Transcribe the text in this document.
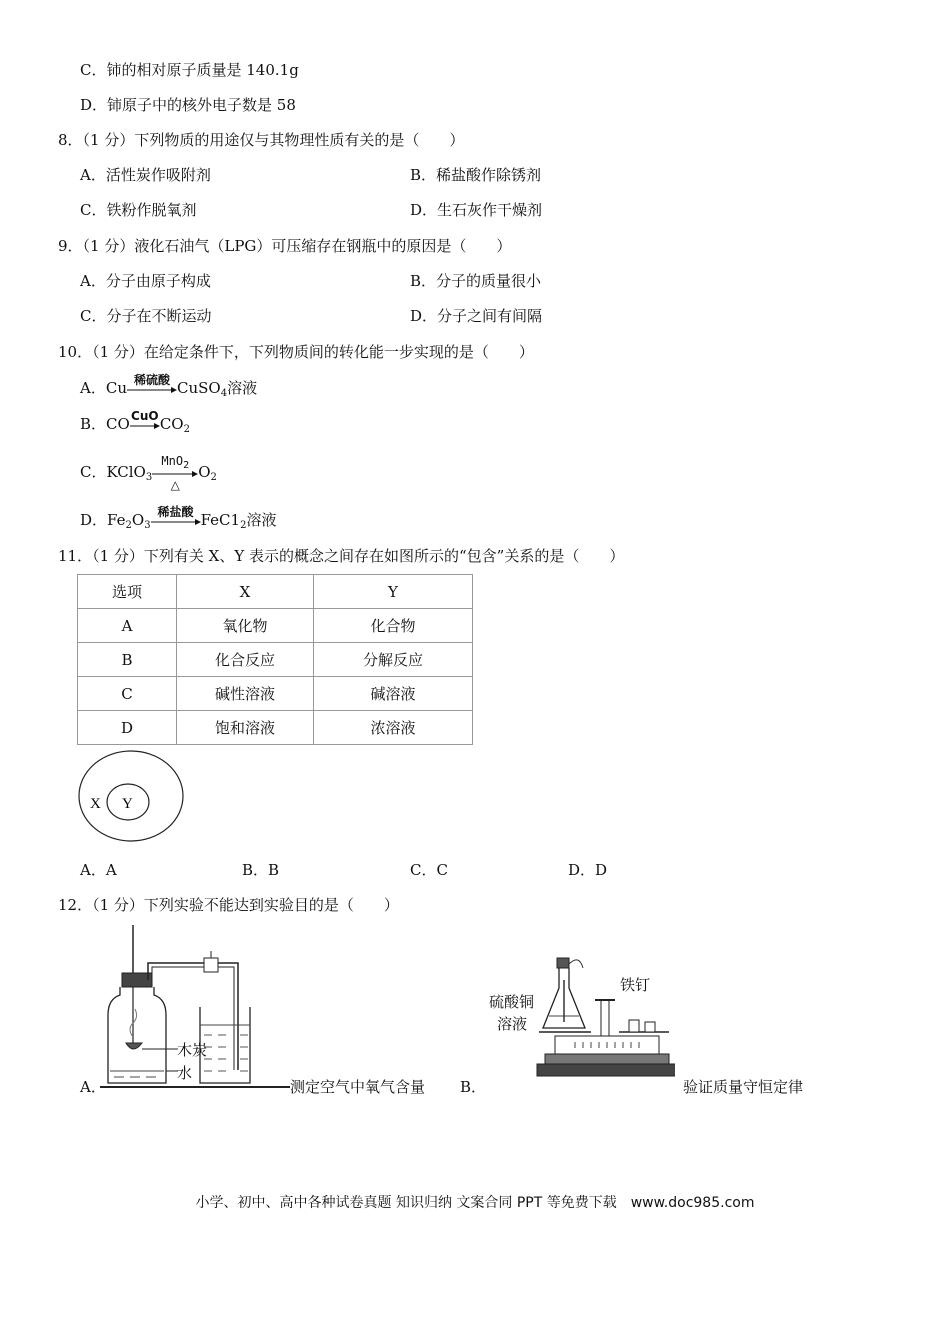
C．铈的相对原子质量是 140.1g
D．铈原子中的核外电子数是 58
8．（1 分）下列物质的用途仅与其物理性质有关的是（　　）
A．活性炭作吸附剂	B．稀盐酸作除锈剂
C．铁粉作脱氧剂	D．生石灰作干燥剂
9．（1 分）液化石油气（LPG）可压缩存在钢瓶中的原因是（　　）
A．分子由原子构成	B．分子的质量很小
C．分子在不断运动	D．分子之间有间隔
10．（1 分）在给定条件下，下列物质间的转化能一步实现的是（　　）
A．Cu 稀硫酸 CuSO$_4$溶液
B．CO CuO $CO_2$
C．KClO$_3$
MnO$_2$
△
$O_2$
D．$Fe_2O_3$
稀盐酸 $FeC1_2$溶液
11．（1 分）下列有关 X、Y 表示的概念之间存在如图所示的“包含”关系的是（　　）
选项	X	Y
A	氧化物	化合物
B	化合反应	分解反应
C	碱性溶液	碱溶液
D	饱和溶液	浓溶液
X Y
A．A	B．B	C．C	D．D
12．（1 分）下列实验不能达到实验目的是（　　）
A．
木炭
水
测定空气中氧气含量 B．
铁钉
硫酸铜
溶液
验证质量守恒定律
小学、初中、高中各种试卷真题 知识归纳 文案合同 PPT 等免费下载　www.doc985.com
